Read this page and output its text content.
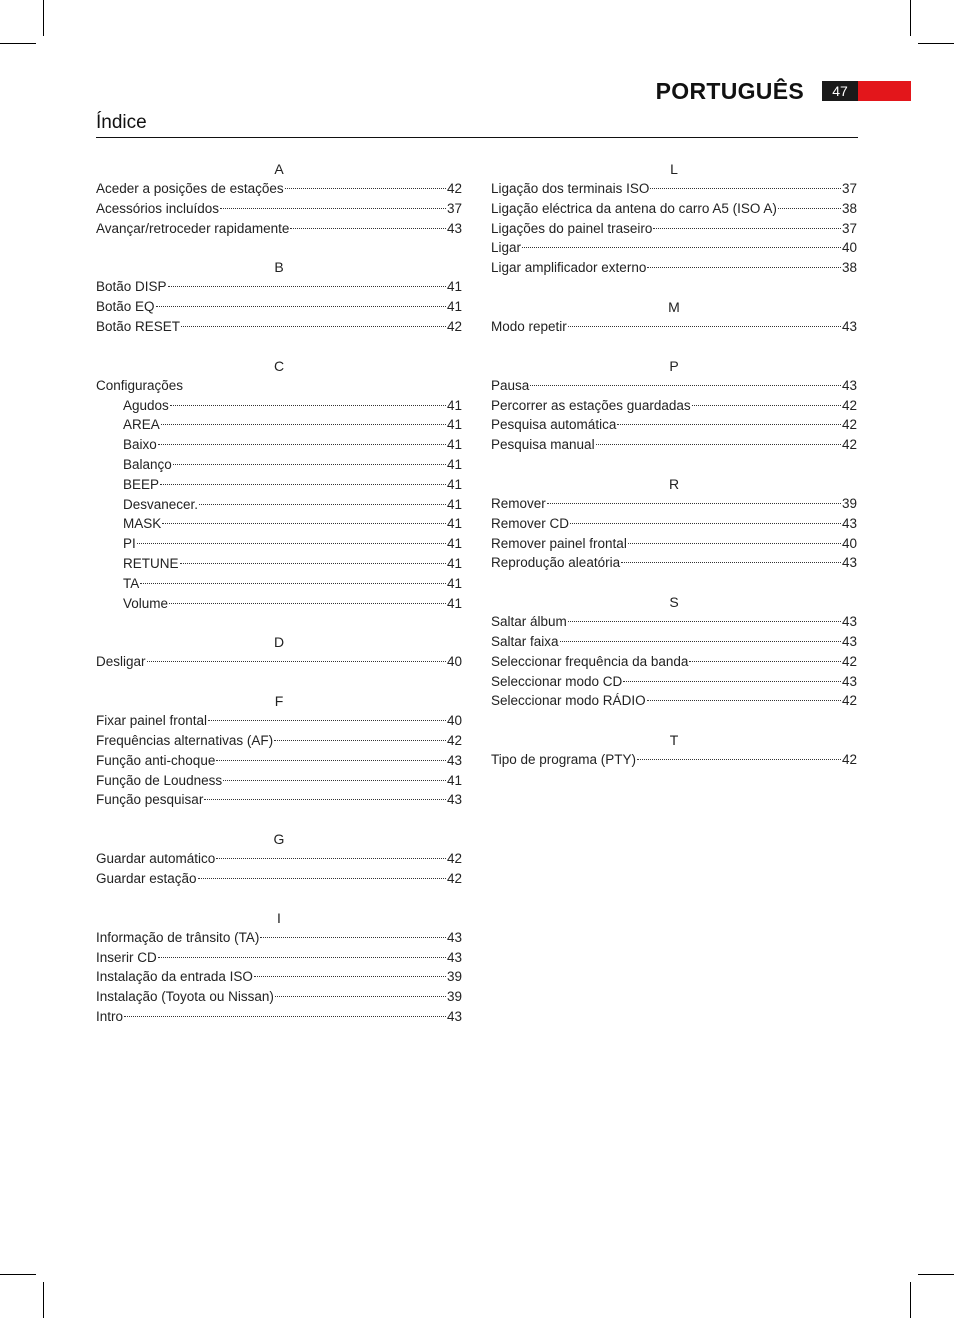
PORTUGUÊS	47
Índice
A
Aceder a posições de estações	42
Acessórios incluídos	37
Avançar/retroceder rapidamente	43
B
Botão DISP	41
Botão EQ	41
Botão RESET	42
C
Configurações
Agudos	41
AREA	41
Baixo	41
Balanço	41
BEEP	41
Desvanecer.	41
MASK	41
PI	41
RETUNE	41
TA	41
Volume	41
D
Desligar	40
F
Fixar painel frontal	40
Frequências alternativas (AF)	42
Função anti-choque	43
Função de Loudness	41
Função pesquisar	43
G
Guardar automático	42
Guardar estação	42
I
Informação de trânsito (TA)	43
Inserir CD	43
Instalação da entrada ISO	39
Instalação (Toyota ou Nissan)	39
Intro	43
L
Ligação dos terminais ISO	37
Ligação eléctrica da antena do carro A5 (ISO A)	38
Ligações do painel traseiro	37
Ligar	40
Ligar amplificador externo	38
M
Modo repetir	43
P
Pausa	43
Percorrer as estações guardadas	42
Pesquisa automática	42
Pesquisa manual	42
R
Remover	39
Remover CD	43
Remover painel frontal	40
Reprodução aleatória	43
S
Saltar álbum	43
Saltar faixa	43
Seleccionar frequência da banda	42
Seleccionar modo CD	43
Seleccionar modo RÁDIO	42
T
Tipo de programa (PTY)	42
